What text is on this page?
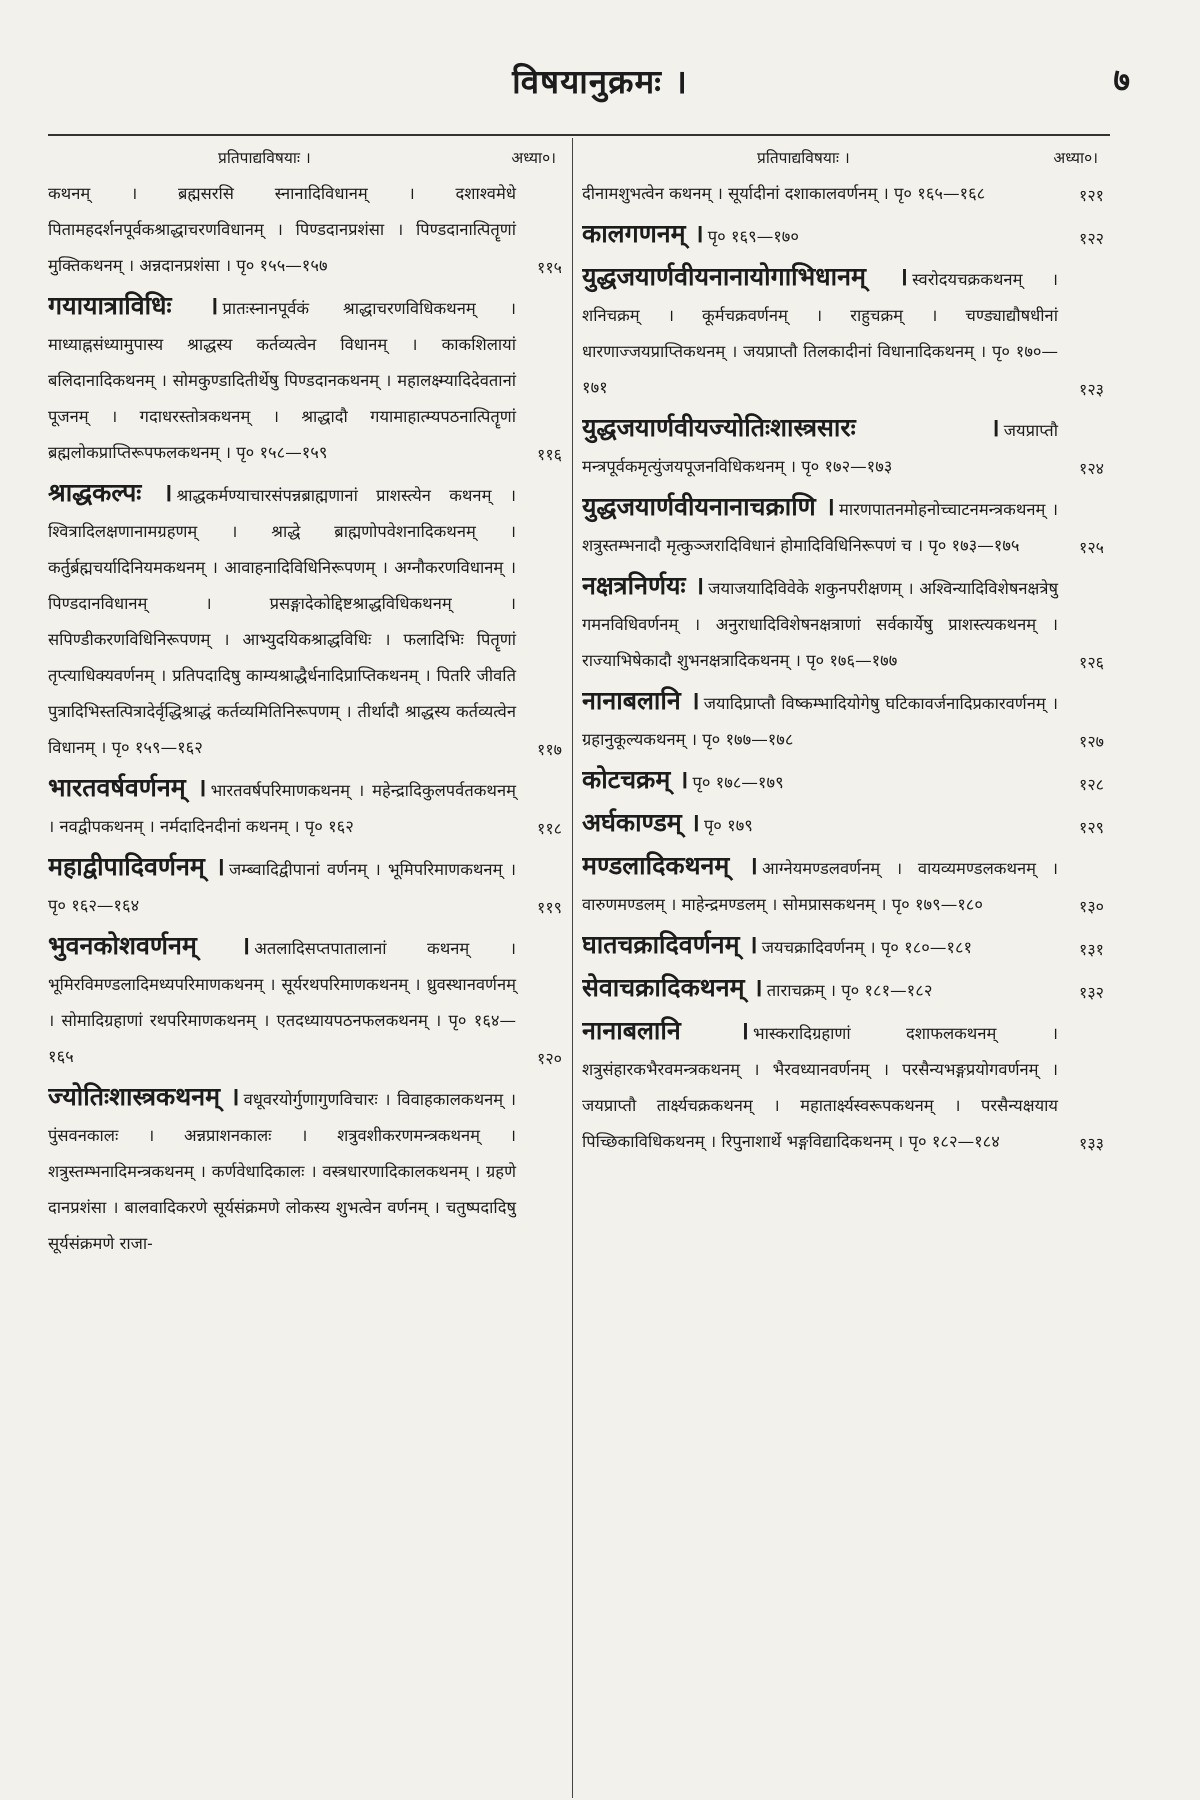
विषयानुक्रमः ।	७
प्रतिपाद्यविषयाः ।	अध्या०।
कथनम् । ब्रह्मसरसि स्नानादिविधानम् । दशाश्वमेधे पितामहदर्शनपूर्वकश्राद्धाचरणविधानम् । पिण्डदानप्रशंसा । पिण्डदानात्पितॄणां मुक्तिकथनम् । अन्नदानप्रशंसा । पृ० १५५—१५७	११५
गयायात्राविधिः । प्रातःस्नानपूर्वकं श्राद्धाचरणविधिकथनम् । माध्याह्नसंध्यामुपास्य श्राद्धस्य कर्तव्यत्वेन विधानम् । काकशिलायां बलिदानादिकथनम् । सोमकुण्डादितीर्थेषु पिण्डदानकथनम् । महालक्ष्म्यादिदेवतानां पूजनम् । गदाधरस्तोत्रकथनम् । श्राद्धादौ गयामाहात्म्यपठनात्पितॄणां ब्रह्मलोकप्राप्तिरूपफलकथनम् । पृ० १५८—१५९	११६
श्राद्धकल्पः । श्राद्धकर्मण्याचारसंपन्नब्राह्मणानां प्राशस्त्येन कथनम् । श्वित्रादिलक्षणानामग्रहणम् । श्राद्धे ब्राह्मणोपवेशनादिकथनम् । कर्तुर्ब्रह्मचर्यादिनियमकथनम् । आवाहनादिविधिनिरूपणम् । अग्नौकरणविधानम् । पिण्डदानविधानम् । प्रसङ्गादेकोद्दिष्टश्राद्धविधिकथनम् । सपिण्डीकरणविधिनिरूपणम् । आभ्युदयिकश्राद्धविधिः । फलादिभिः पितॄणां तृप्त्याधिक्यवर्णनम् । प्रतिपदादिषु काम्यश्राद्धैर्धनादिप्राप्तिकथनम् । पितरि जीवति पुत्रादिभिस्तत्पित्रादेर्वृद्धिश्राद्धं कर्तव्यमितिनिरूपणम् । तीर्थादौ श्राद्धस्य कर्तव्यत्वेन विधानम् । पृ० १५९—१६२	११७
भारतवर्षवर्णनम् । भारतवर्षपरिमाणकथनम् । महेन्द्रादिकुलपर्वतकथनम् । नवद्वीपकथनम् । नर्मदादिनदीनां कथनम् । पृ० १६२	११८
महाद्वीपादिवर्णनम् । जम्ब्वादिद्वीपानां वर्णनम् । भूमिपरिमाणकथनम् । पृ० १६२—१६४	११९
भुवनकोशवर्णनम् । अतलादिसप्तपातालानां कथनम् । भूमिरविमण्डलादिमध्यपरिमाणकथनम् । सूर्यरथपरिमाणकथनम् । ध्रुवस्थानवर्णनम् । सोमादिग्रहाणां रथपरिमाणकथनम् । एतदध्यायपठनफलकथनम् । पृ० १६४—१६५	१२०
ज्योतिःशास्त्रकथनम् । वधूवरयोर्गुणागुणविचारः । विवाहकालकथनम् । पुंसवनकालः । अन्नप्राशनकालः । शत्रुवशीकरणमन्त्रकथनम् । शत्रुस्तम्भनादिमन्त्रकथनम् । कर्णवेधादिकालः । वस्त्रधारणादिकालकथनम् । ग्रहणे दानप्रशंसा । बालवादिकरणे सूर्यसंक्रमणे लोकस्य शुभत्वेन वर्णनम् । चतुष्पदादिषु सूर्यसंक्रमणे राजा-
प्रतिपाद्यविषयाः ।	अध्या०।
दीनामशुभत्वेन कथनम् । सूर्यादीनां दशाकालवर्णनम् । पृ० १६५—१६८	१२१
कालगणनम् । पृ० १६९—१७०	१२२
युद्धजयार्णवीयनानायोगाभिधानम् । स्वरोदयचक्रकथनम् । शनिचक्रम् । कूर्मचक्रवर्णनम् । राहुचक्रम् । चण्ड्याद्यौषधीनां धारणाज्जयप्राप्तिकथनम् । जयप्राप्तौ तिलकादीनां विधानादिकथनम् । पृ० १७०—१७१	१२३
युद्धजयार्णवीयज्योतिःशास्त्रसारः । जयप्राप्तौ मन्त्रपूर्वकमृत्युंजयपूजनविधिकथनम् । पृ० १७२—१७३	१२४
युद्धजयार्णवीयनानाचक्राणि । मारणपातनमोहनोच्चाटनमन्त्रकथनम् । शत्रुस्तम्भनादौ मृत्कुञ्जरादिविधानं होमादिविधिनिरूपणं च । पृ० १७३—१७५	१२५
नक्षत्रनिर्णयः । जयाजयादिविवेके शकुनपरीक्षणम् । अश्विन्यादिविशेषनक्षत्रेषु गमनविधिवर्णनम् । अनुराधादिविशेषनक्षत्राणां सर्वकार्येषु प्राशस्त्यकथनम् । राज्याभिषेकादौ शुभनक्षत्रादिकथनम् । पृ० १७६—१७७	१२६
नानाबलानि । जयादिप्राप्तौ विष्कम्भादियोगेषु घटिकावर्जनादिप्रकारवर्णनम् । ग्रहानुकूल्यकथनम् । पृ० १७७—१७८	१२७
कोटचक्रम् । पृ० १७८—१७९	१२८
अर्घकाण्डम् । पृ० १७९	१२९
मण्डलादिकथनम् । आग्नेयमण्डलवर्णनम् । वायव्यमण्डलकथनम् । वारुणमण्डलम् । माहेन्द्रमण्डलम् । सोमप्रासकथनम् । पृ० १७९—१८०	१३०
घातचक्रादिवर्णनम् । जयचक्रादिवर्णनम् । पृ० १८०—१८१	१३१
सेवाचक्रादिकथनम् । ताराचक्रम् । पृ० १८१—१८२	१३२
नानाबलानि । भास्करादिग्रहाणां दशाफलकथनम् । शत्रुसंहारकभैरवमन्त्रकथनम् । भैरवध्यानवर्णनम् । परसैन्यभङ्गप्रयोगवर्णनम् । जयप्राप्तौ तार्क्ष्यचक्रकथनम् । महातार्क्ष्यस्वरूपकथनम् । परसैन्यक्षयाय पिच्छिकाविधिकथनम् । रिपुनाशार्थे भङ्गविद्यादिकथनम् । पृ० १८२—१८४	१३३
